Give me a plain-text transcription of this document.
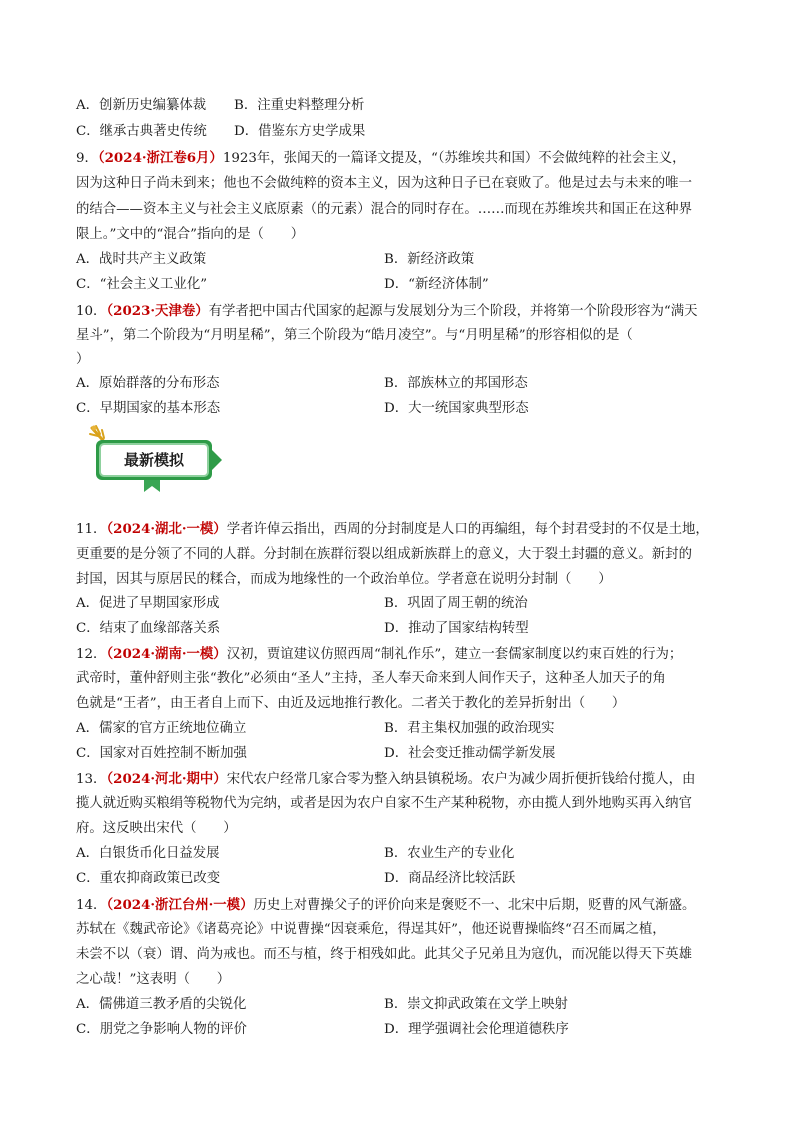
A．创新历史编纂体裁 B．注重史料整理分析
C．继承古典著史传统 D．借鉴东方史学成果
9．（2024·浙江卷6月）1923年，张闻天的一篇译文提及，“（苏维埃共和国）不会做纯粹的社会主义，
因为这种日子尚未到来；他也不会做纯粹的资本主义，因为这种日子已在衰败了。他是过去与未来的唯一
的结合——资本主义与社会主义底原素（的元素）混合的同时存在。……而现在苏维埃共和国正在这种界
限上。”文中的“混合”指向的是（　　）
A．战时共产主义政策	B．新经济政策
C．“社会主义工业化”	D．“新经济体制”
10．（2023·天津卷）有学者把中国古代国家的起源与发展划分为三个阶段，并将第一个阶段形容为“满天
星斗”，第二个阶段为“月明星稀”，第三个阶段为“皓月凌空”。与“月明星稀”的形容相似的是（
）
A．原始群落的分布形态	B．部族林立的邦国形态
C．早期国家的基本形态	D．大一统国家典型形态
最新模拟
11．（2024·湖北·一模）学者许倬云指出，西周的分封制度是人口的再编组，每个封君受封的不仅是土地，
更重要的是分领了不同的人群。分封制在族群衍裂以组成新族群上的意义，大于裂土封疆的意义。新封的
封国，因其与原居民的糅合，而成为地缘性的一个政治单位。学者意在说明分封制（　　）
A．促进了早期国家形成	B．巩固了周王朝的统治
C．结束了血缘部落关系	D．推动了国家结构转型
12．（2024·湖南·一模）汉初，贾谊建议仿照西周“制礼作乐”，建立一套儒家制度以约束百姓的行为；
武帝时，董仲舒则主张“教化”必须由“圣人”主持，圣人奉天命来到人间作天子，这种圣人加天子的角
色就是“王者”，由王者自上而下、由近及远地推行教化。二者关于教化的差异折射出（　　）
A．儒家的官方正统地位确立	B．君主集权加强的政治现实
C．国家对百姓控制不断加强	D．社会变迁推动儒学新发展
13．（2024·河北·期中）宋代农户经常几家合零为整入纳县镇税场。农户为减少周折便折钱给付揽人，由
揽人就近购买粮绢等税物代为完纳，或者是因为农户自家不生产某种税物，亦由揽人到外地购买再入纳官
府。这反映出宋代（　　）
A．白银货币化日益发展	B．农业生产的专业化
C．重农抑商政策已改变	D．商品经济比较活跃
14．（2024·浙江台州·一模）历史上对曹操父子的评价向来是褒贬不一、北宋中后期，贬曹的风气渐盛。
苏轼在《魏武帝论》《诸葛亮论》中说曹操“因衰乘危，得逞其奸”，他还说曹操临终“召丕而属之植，
未尝不以（衰）谓、尚为戒也。而丕与植，终于相残如此。此其父子兄弟且为寇仇，而况能以得天下英雄
之心哉！”这表明（　　）
A．儒佛道三教矛盾的尖锐化	B．崇文抑武政策在文学上映射
C．朋党之争影响人物的评价	D．理学强调社会伦理道德秩序
